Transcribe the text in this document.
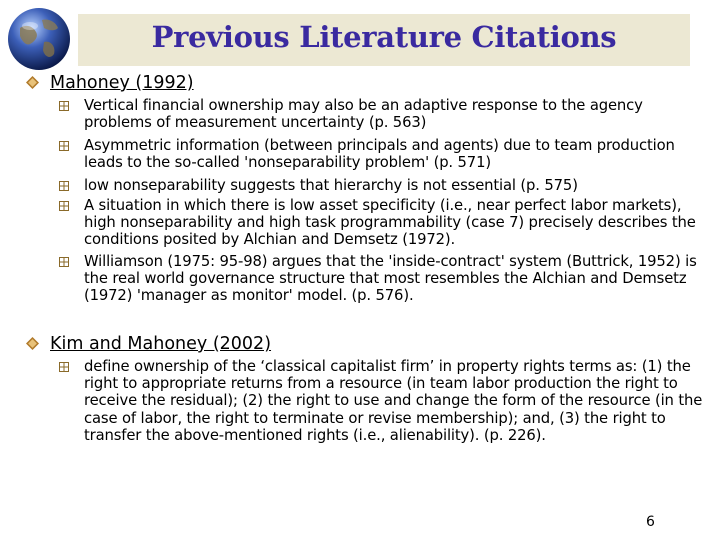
Previous Literature Citations
Mahoney (1992)
Vertical financial ownership may also be an adaptive response to the agency problems of measurement uncertainty (p. 563)
Asymmetric information (between principals and agents) due to team production leads to the so-called 'nonseparability problem' (p. 571)
low nonseparability suggests that hierarchy is not essential (p. 575)
A situation in which there is low asset specificity (i.e., near perfect labor markets), high nonseparability and high task programmability (case 7) precisely describes the conditions posited by Alchian and Demsetz (1972).
Williamson (1975: 95-98) argues that the 'inside-contract' system (Buttrick, 1952) is the real world governance structure that most resembles the Alchian and Demsetz (1972) 'manager as monitor' model. (p. 576).
Kim and Mahoney (2002)
define ownership of the ‘classical capitalist firm’ in property rights terms as: (1) the right to appropriate returns from a resource (in team labor production the right to receive the residual); (2) the right to use and change the form of the resource (in the case of labor, the right to terminate or revise membership); and, (3) the right to transfer the above-mentioned rights (i.e., alienability). (p. 226).
6
